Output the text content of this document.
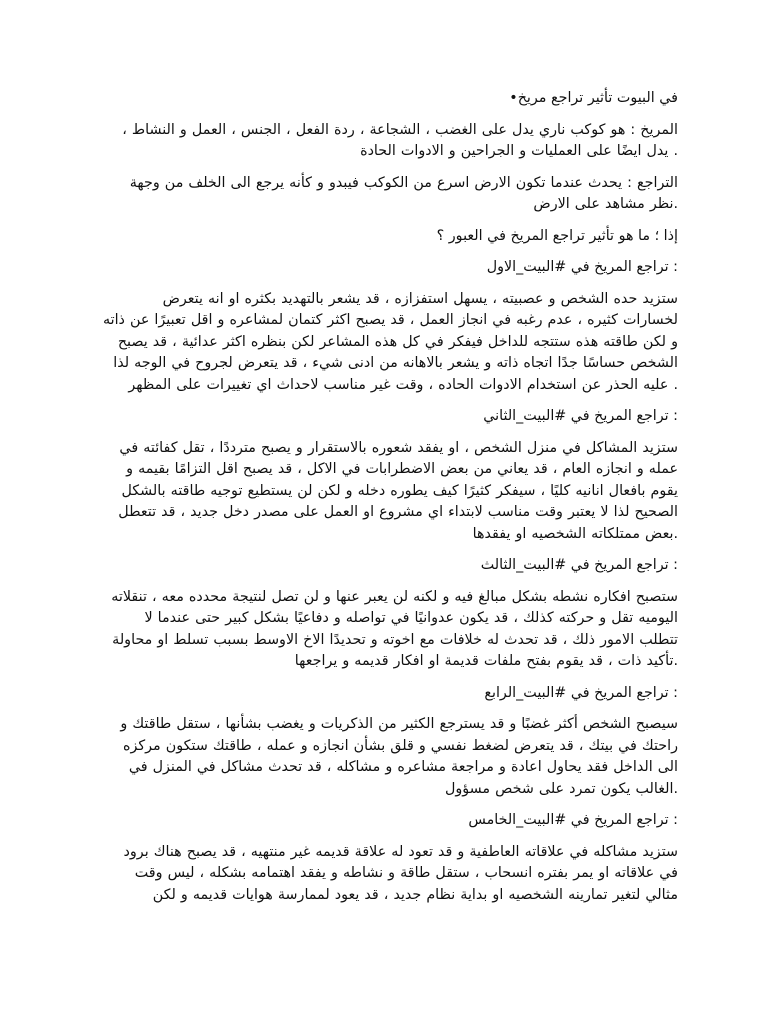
في البيوت تأثير تراجع مريخ•

المريخ : هو كوكب ناري يدل على الغضب ، الشجاعة ، ردة الفعل ، الجنس ، العمل و النشاط ،
. يدل ايضًا على العمليات و الجراحين و الادوات الحادة

التراجع : يحدث عندما تكون الارض اسرع من الكوكب فيبدو و كأنه يرجع الى الخلف من وجهة
.نظر مشاهد على الارض

إذا ؛ ما هو تأثير تراجع المريخ في العبور ؟

: تراجع المريخ في #البيت_الاول

ستزيد حده الشخص و عصبيته ، يسهل استفزازه ، قد يشعر بالتهديد بكثره او انه يتعرض
لخسارات كثيره ، عدم رغبه في انجاز العمل ، قد يصبح اكثر كتمان لمشاعره و اقل تعبيرًا عن ذاته
و لكن طاقته هذه ستتجه للداخل فيفكر في كل هذه المشاعر لكن بنظره اكثر عدائية ، قد يصبح
الشخص حساسًا جدًا اتجاه ذاته و يشعر بالاهانه من ادنى شيء ، قد يتعرض لجروح في الوجه لذا
. عليه الحذر عن استخدام الادوات الحاده ، وقت غير مناسب لاحداث اي تغييرات على المظهر

: تراجع المريخ في #البيت_الثاني

ستزيد المشاكل في منزل الشخص ، او يفقد شعوره بالاستقرار و يصبح مترددًا ، تقل كفائته في
عمله و انجازه العام ، قد يعاني من بعض الاضطرابات في الاكل ، قد يصبح اقل التزامًا بقيمه و
يقوم بافعال انانيه كليًا ، سيفكر كثيرًا كيف يطوره دخله و لكن لن يستطيع توجيه طاقته بالشكل
الصحيح لذا لا يعتبر وقت مناسب لابتداء اي مشروع او العمل على مصدر دخل جديد ، قد تتعطل
.بعض ممتلكاته الشخصيه او يفقدها

: تراجع المريخ في #البيت_الثالث

ستصبح افكاره نشطه بشكل مبالغ فيه و لكنه لن يعبر عنها و لن تصل لنتيجة محدده معه ، تنقلاته
اليوميه تقل و حركته كذلك ، قد يكون عدوانيًا في تواصله و دفاعيًا بشكل كبير حتى عندما لا
تتطلب الامور ذلك ، قد تحدث له خلافات مع اخوته و تحديدًا الاخ الاوسط بسبب تسلط او محاولة
.تأكيد ذات ، قد يقوم بفتح ملفات قديمة او افكار قديمه و يراجعها

: تراجع المريخ في #البيت_الرابع

سيصبح الشخص أكثر غضبًا و قد يسترجع الكثير من الذكريات و يغضب بشأنها ، ستقل طاقتك و
راحتك في بيتك ، قد يتعرض لضغط نفسي و قلق بشأن انجازه و عمله ، طاقتك ستكون مركزه
الى الداخل فقد يحاول اعادة و مراجعة مشاعره و مشاكله ، قد تحدث مشاكل في المنزل في
.الغالب يكون تمرد على شخص مسؤول

: تراجع المريخ في #البيت_الخامس

ستزيد مشاكله في علاقاته العاطفية و قد تعود له علاقة قديمه غير منتهيه ، قد يصبح هناك برود
في علاقاته او يمر بفتره انسحاب ، ستقل طاقة و نشاطه و يفقد اهتمامه بشكله ، ليس وقت
مثالي لتغير تمارينه الشخصيه او بداية نظام جديد ، قد يعود لممارسة هوايات قديمه و لكن
